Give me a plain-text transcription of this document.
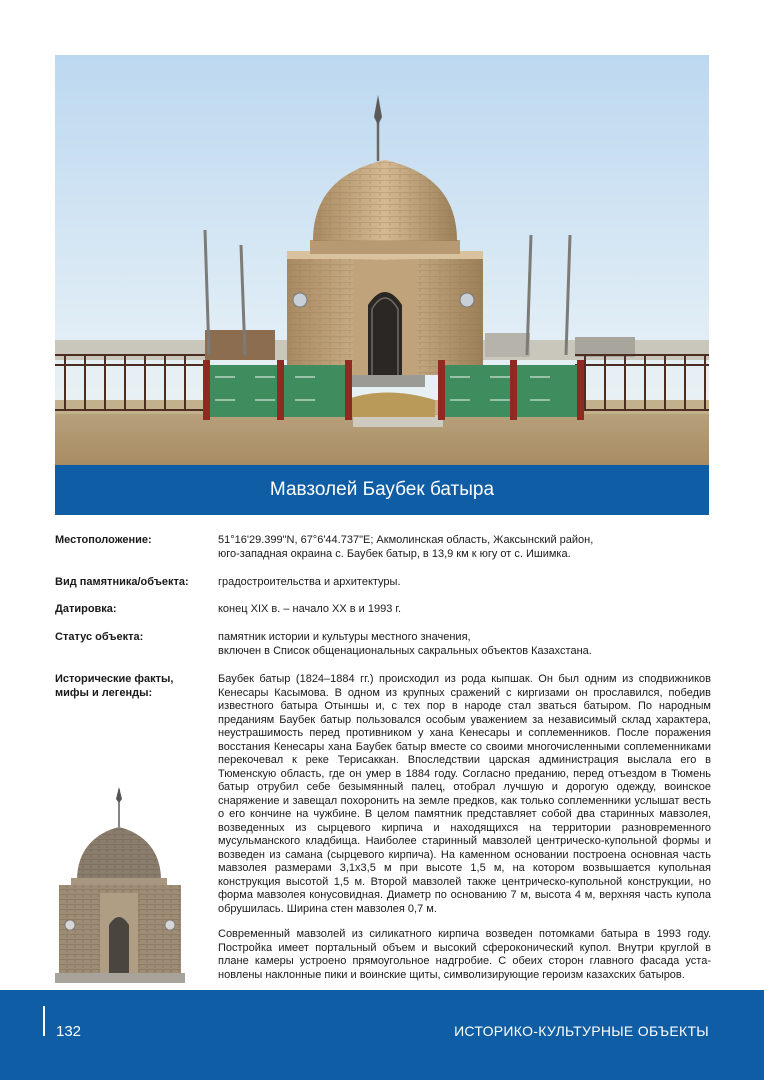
Мавзолей Баубек батыра
Местоположение:	51°16'29.399"N, 67°6'44.737"E; Акмолинская область, Жаксынский район,

юго-западная окраина с. Баубек батыр, в 13,9 км к югу от с. Ишимка.

Вид памятника/объекта:	градостроительства и архитектуры.

Датировка:	конец XIX в. – начало ХХ в и 1993 г.

Статус объекта:	памятник истории и культуры местного значения,

включен в Список общенациональных сакральных объектов Казахстана.

Исторические факты,
мифы и легенды:

Баубек батыр (1824–1884 гг.) происходил из рода кыпшак. Он был одним из сподвижников Кенесары Касымова. В одном из крупных сражений с киргизами он прославился, победив известного батыра Отыншы и, с тех пор в народе стал зваться батыром. По народным преданиям Баубек батыр пользовался особым уважением за независимый склад характера, неустрашимость перед противником у хана Кенесары и соплеменников. После поражения восстания Кенесары хана Баубек батыр вместе со своими многочисленными соплеменниками перекочевал к реке Терисаккан. Впоследствии царская администрация выслала его в Тюменскую область, где он умер в 1884 году. Согласно преданию, перед отъездом в Тюмень батыр отрубил себе безымянный палец, отобрал лучшую и дорогую одежду, воинское снаряжение и завещал похоронить на земле предков, как только соплеменники услышат весть о его кончине на чужбине. В целом памятник представляет собой два старинных мавзолея, возведенных из сырцевого кирпича и находящихся на территории разновременного мусульманского кладбища. Наиболее старинный мавзолей центрическо-купольной формы и возведен из самана (сырцевого кирпича). На каменном основании построена основная часть мавзолея размерами 3,1х3,5 м при высоте 1,5 м, на котором возвышается купольная конструкция высотой 1,5 м. Второй мавзолей также центрическо-купольной конструкции, но форма мавзолея конусовидная. Диаметр по основанию 7 м, высота 4 м, верхняя часть купола обрушилась. Ширина стен мавзолея 0,7 м.

Современный мавзолей из силикатного кирпича возведен потомками батыра в 1993 году. Постройка имеет портальный объем и высокий сфероконический купол. Внутри круглой в плане камеры устроено прямоугольное надгробие. С обеих сторон главного фасада установлены наклонные пики и воинские щиты, символизирующие героизм казахских батыров.

132	ИСТОРИКО-КУЛЬТУРНЫЕ ОБЪЕКТЫ
